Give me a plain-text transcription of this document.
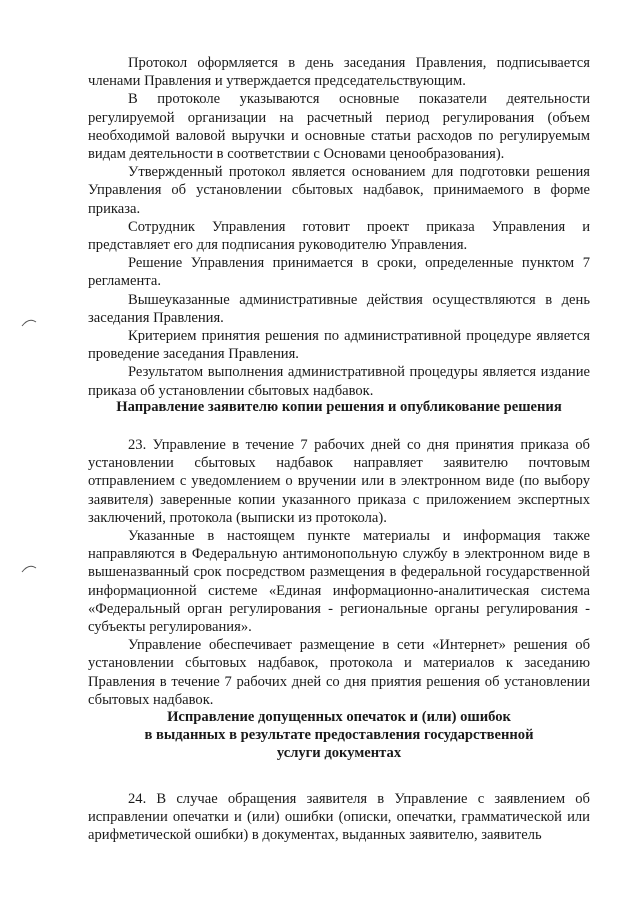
Протокол оформляется в день заседания Правления, подписывается членами Правления и утверждается председательствующим.

В протоколе указываются основные показатели деятельности регулируемой организации на расчетный период регулирования (объем необходимой валовой выручки и основные статьи расходов по регулируемым видам деятельности в соответствии с Основами ценообразования).

Утвержденный протокол является основанием для подготовки решения Управления об установлении сбытовых надбавок, принимаемого в форме приказа.

Сотрудник Управления готовит проект приказа Управления и представляет его для подписания руководителю Управления.

Решение Управления принимается в сроки, определенные пунктом 7 регламента.

Вышеуказанные административные действия осуществляются в день заседания Правления.

Критерием принятия решения по административной процедуре является проведение заседания Правления.

Результатом выполнения административной процедуры является издание приказа об установлении сбытовых надбавок.

Направление заявителю копии решения и опубликование решения

23. Управление в течение 7 рабочих дней со дня принятия приказа об установлении сбытовых надбавок направляет заявителю почтовым отправлением с уведомлением о вручении или в электронном виде (по выбору заявителя) заверенные копии указанного приказа с приложением экспертных заключений, протокола (выписки из протокола).

Указанные в настоящем пункте материалы и информация также направляются в Федеральную антимонопольную службу в электронном виде в вышеназванный срок посредством размещения в федеральной государственной информационной системе «Единая информационно-аналитическая система «Федеральный орган регулирования - региональные органы регулирования - субъекты регулирования».

Управление обеспечивает размещение в сети «Интернет» решения об установлении сбытовых надбавок, протокола и материалов к заседанию Правления в течение 7 рабочих дней со дня приятия решения об установлении сбытовых надбавок.

Исправление допущенных опечаток и (или) ошибок
в выданных в результате предоставления государственной
услуги документах

24. В случае обращения заявителя в Управление с заявлением об исправлении опечатки и (или) ошибки (описки, опечатки, грамматической или арифметической ошибки) в документах, выданных заявителю, заявитель
